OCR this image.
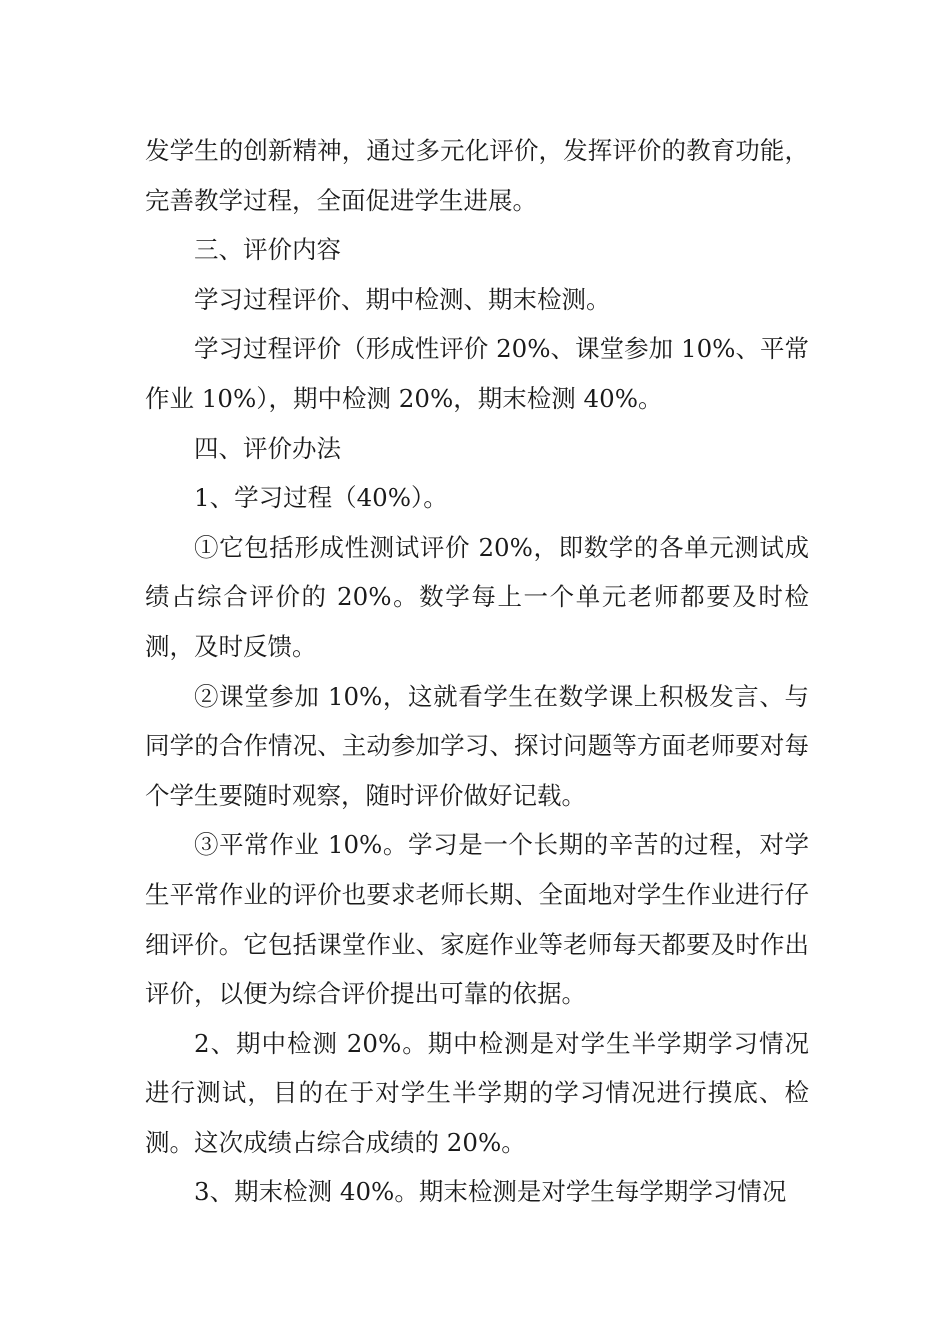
发学生的创新精神，通过多元化评价，发挥评价的教育功能，完善教学过程，全面促进学生进展。

三、评价内容

学习过程评价、期中检测、期末检测。

学习过程评价（形成性评价 20%、课堂参加 10%、平常作业 10%），期中检测 20%，期末检测 40%。

四、评价办法

1、学习过程（40%）。

①它包括形成性测试评价 20%，即数学的各单元测试成绩占综合评价的 20%。数学每上一个单元老师都要及时检测，及时反馈。

②课堂参加 10%，这就看学生在数学课上积极发言、与同学的合作情况、主动参加学习、探讨问题等方面老师要对每个学生要随时观察，随时评价做好记载。

③平常作业 10%。学习是一个长期的辛苦的过程，对学生平常作业的评价也要求老师长期、全面地对学生作业进行仔细评价。它包括课堂作业、家庭作业等老师每天都要及时作出评价，以便为综合评价提出可靠的依据。

2、期中检测 20%。期中检测是对学生半学期学习情况进行测试，目的在于对学生半学期的学习情况进行摸底、检测。这次成绩占综合成绩的 20%。

3、期末检测 40%。期末检测是对学生每学期学习情况
